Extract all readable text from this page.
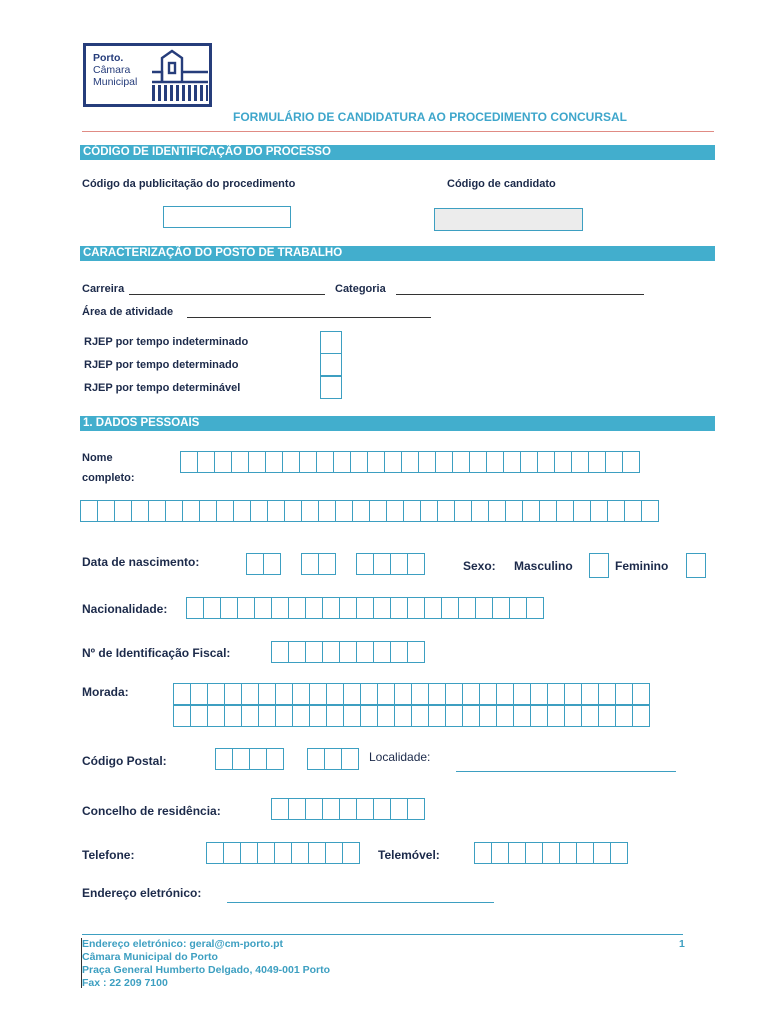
Porto.
Câmara
Municipal
FORMULÁRIO DE CANDIDATURA AO PROCEDIMENTO CONCURSAL
CÓDIGO DE IDENTIFICAÇÃO DO PROCESSO
Código da publicitação do procedimento	Código de candidato
CARACTERIZAÇÃO DO POSTO DE TRABALHO
Carreira	Categoria
Área de atividade
RJEP por tempo indeterminado
RJEP por tempo determinado
RJEP por tempo determinável
1. DADOS PESSOAIS
Nome
completo:
Data de nascimento:	Sexo: Masculino	Feminino
Nacionalidade:
Nº de Identificação Fiscal:
Morada:
Código Postal:	Localidade:
Concelho de residência:
Telefone:	Telemóvel:
Endereço eletrónico:
Endereço eletrónico: geral@cm-porto.pt
Câmara Municipal do Porto
Praça General Humberto Delgado, 4049-001 Porto
Fax : 22 209 7100
1
